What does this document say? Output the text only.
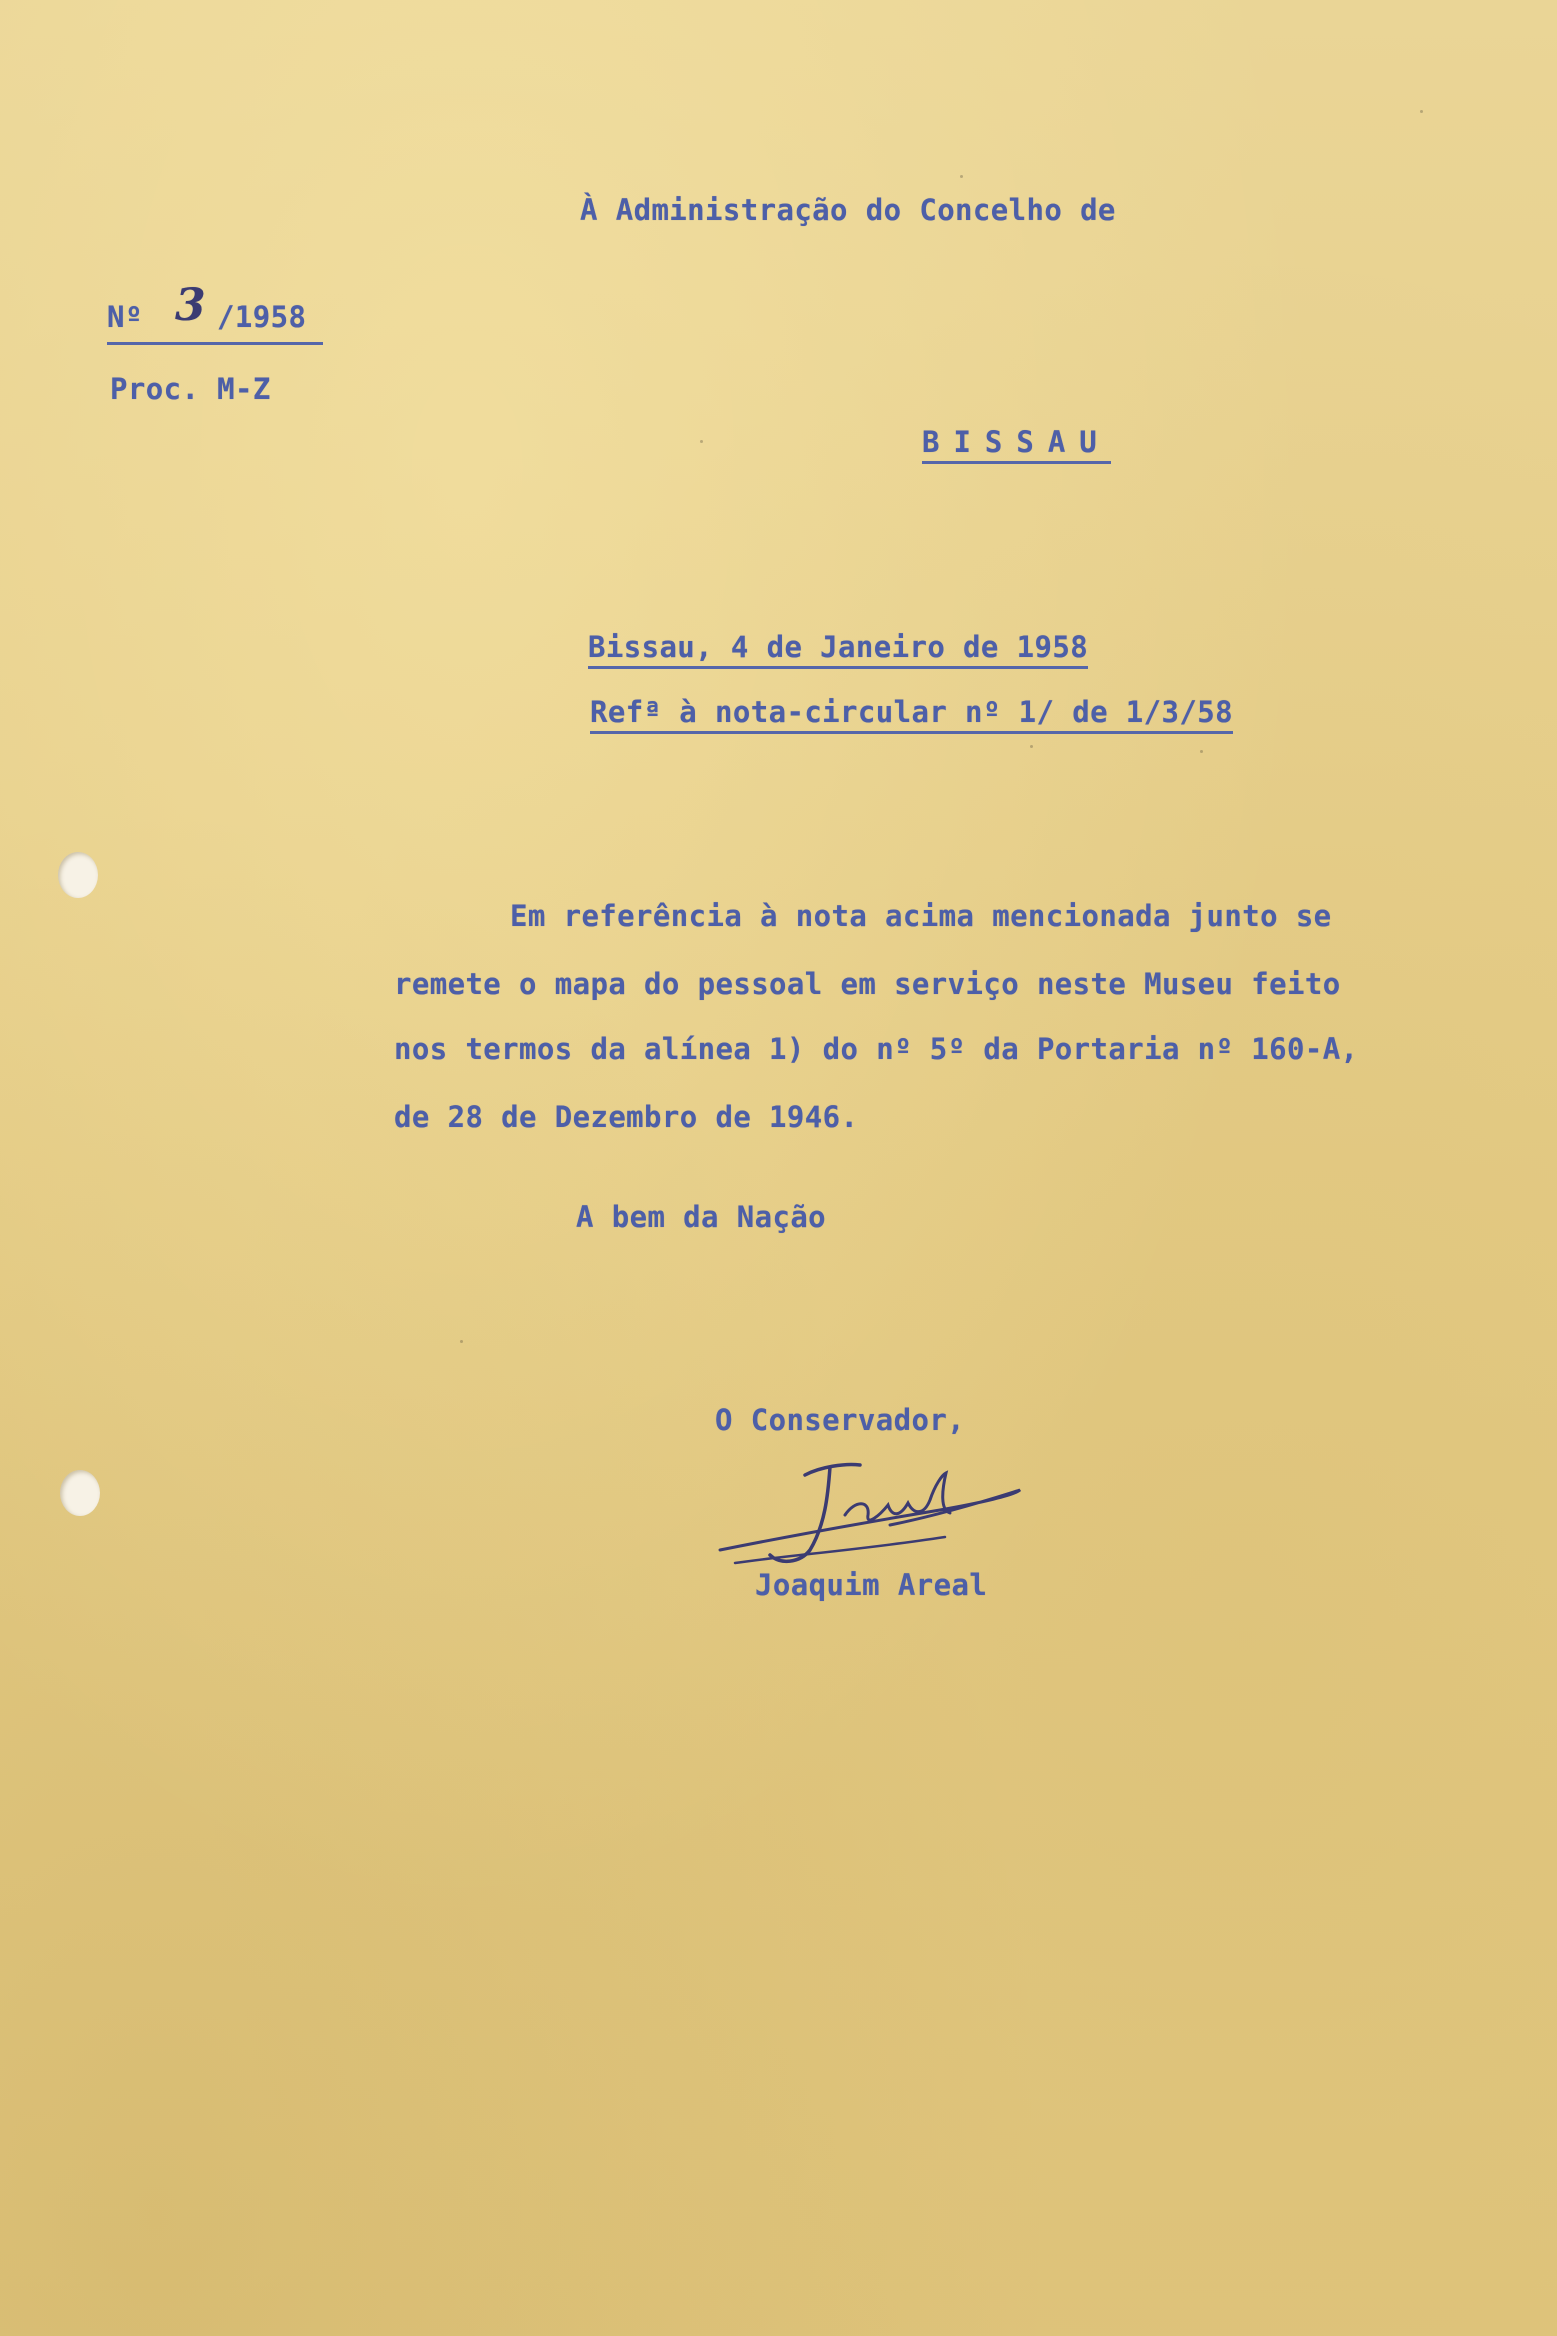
À Administração do Concelho de
Nº 3 /1958
Proc. M-Z
BISSAU
Bissau, 4 de Janeiro de 1958
Refª à nota-circular nº 1/ de 1/3/58
Em referência à nota acima mencionada junto se
remete o mapa do pessoal em serviço neste Museu feito
nos termos da alínea 1) do nº 5º da Portaria nº 160-A,
de 28 de Dezembro de 1946.
A bem da Nação
O Conservador,
Joaquim Areal
